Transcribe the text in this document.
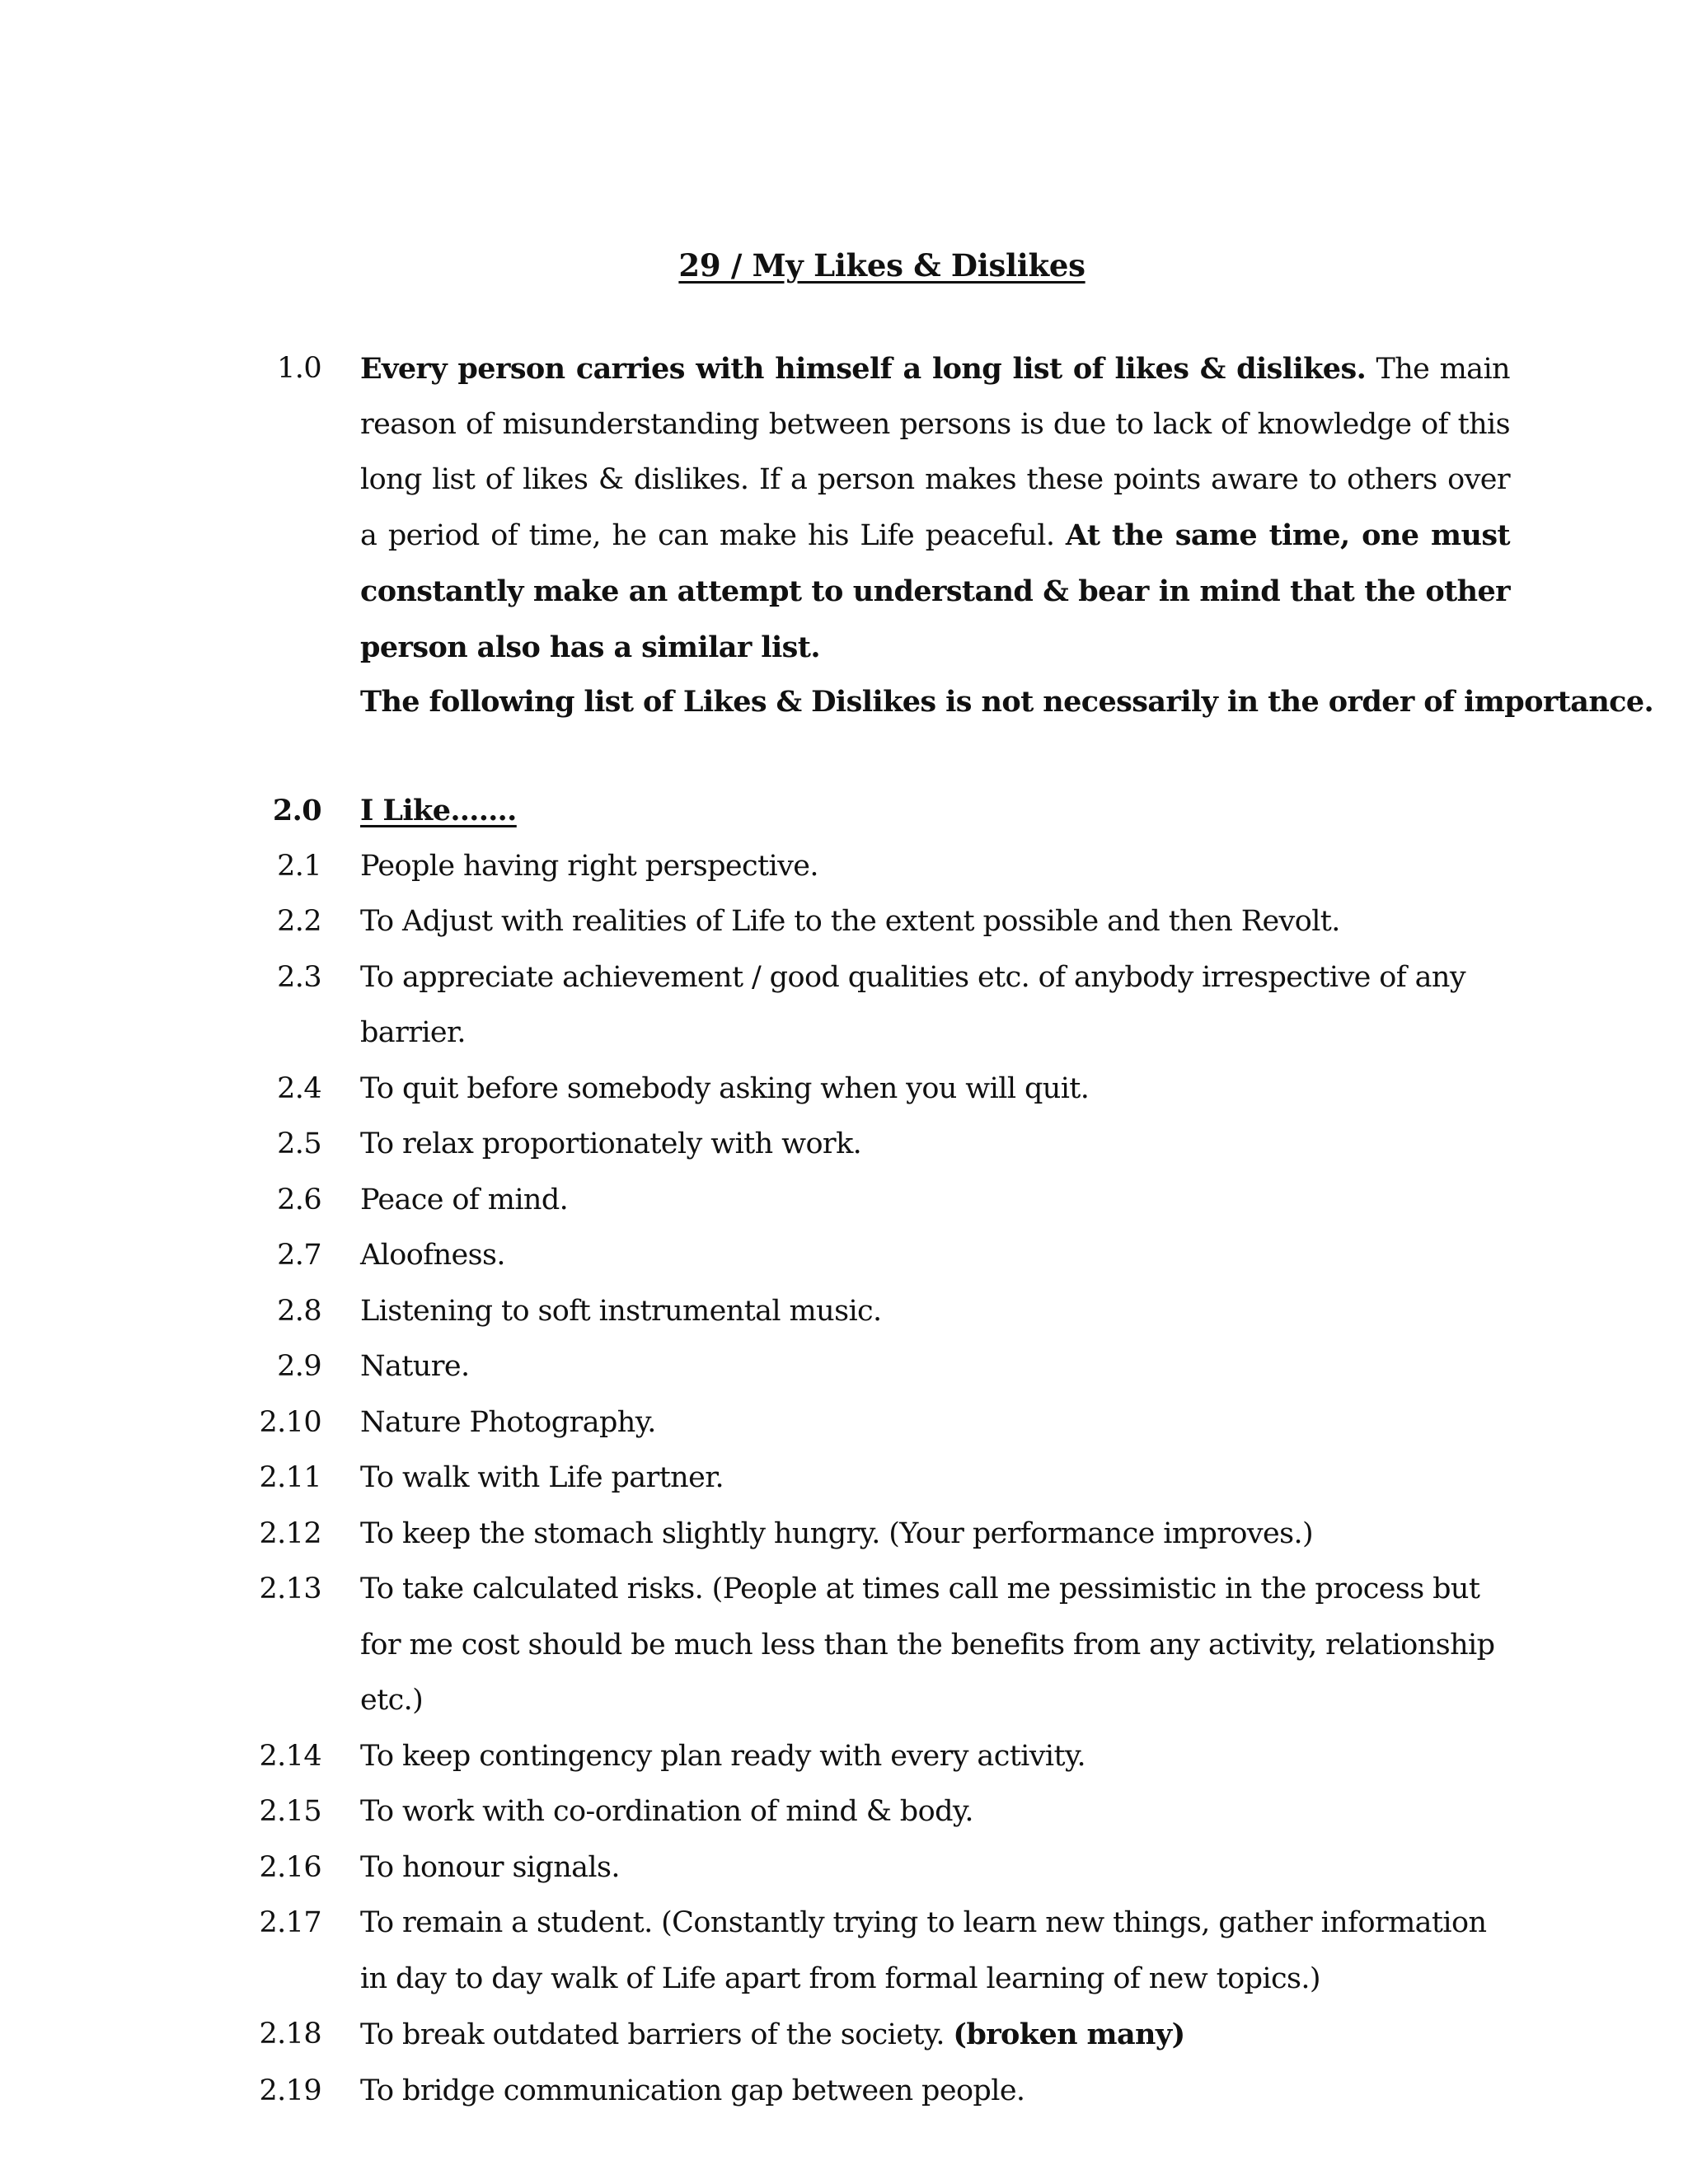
29 / My Likes & Dislikes
1.0 Every person carries with himself a long list of likes & dislikes. The main reason of misunderstanding between persons is due to lack of knowledge of this long list of likes & dislikes. If a person makes these points aware to others over a period of time, he can make his Life peaceful. At the same time, one must constantly make an attempt to understand & bear in mind that the other person also has a similar list.
The following list of Likes & Dislikes is not necessarily in the order of importance.
2.0 I Like…….
2.1 People having right perspective.
2.2 To Adjust with realities of Life to the extent possible and then Revolt.
2.3 To appreciate achievement / good qualities etc. of anybody irrespective of any barrier.
2.4 To quit before somebody asking when you will quit.
2.5 To relax proportionately with work.
2.6 Peace of mind.
2.7 Aloofness.
2.8 Listening to soft instrumental music.
2.9 Nature.
2.10 Nature Photography.
2.11 To walk with Life partner.
2.12 To keep the stomach slightly hungry. (Your performance improves.)
2.13 To take calculated risks. (People at times call me pessimistic in the process but for me cost should be much less than the benefits from any activity, relationship etc.)
2.14 To keep contingency plan ready with every activity.
2.15 To work with co-ordination of mind & body.
2.16 To honour signals.
2.17 To remain a student. (Constantly trying to learn new things, gather information in day to day walk of Life apart from formal learning of new topics.)
2.18 To break outdated barriers of the society. (broken many)
2.19 To bridge communication gap between people.
